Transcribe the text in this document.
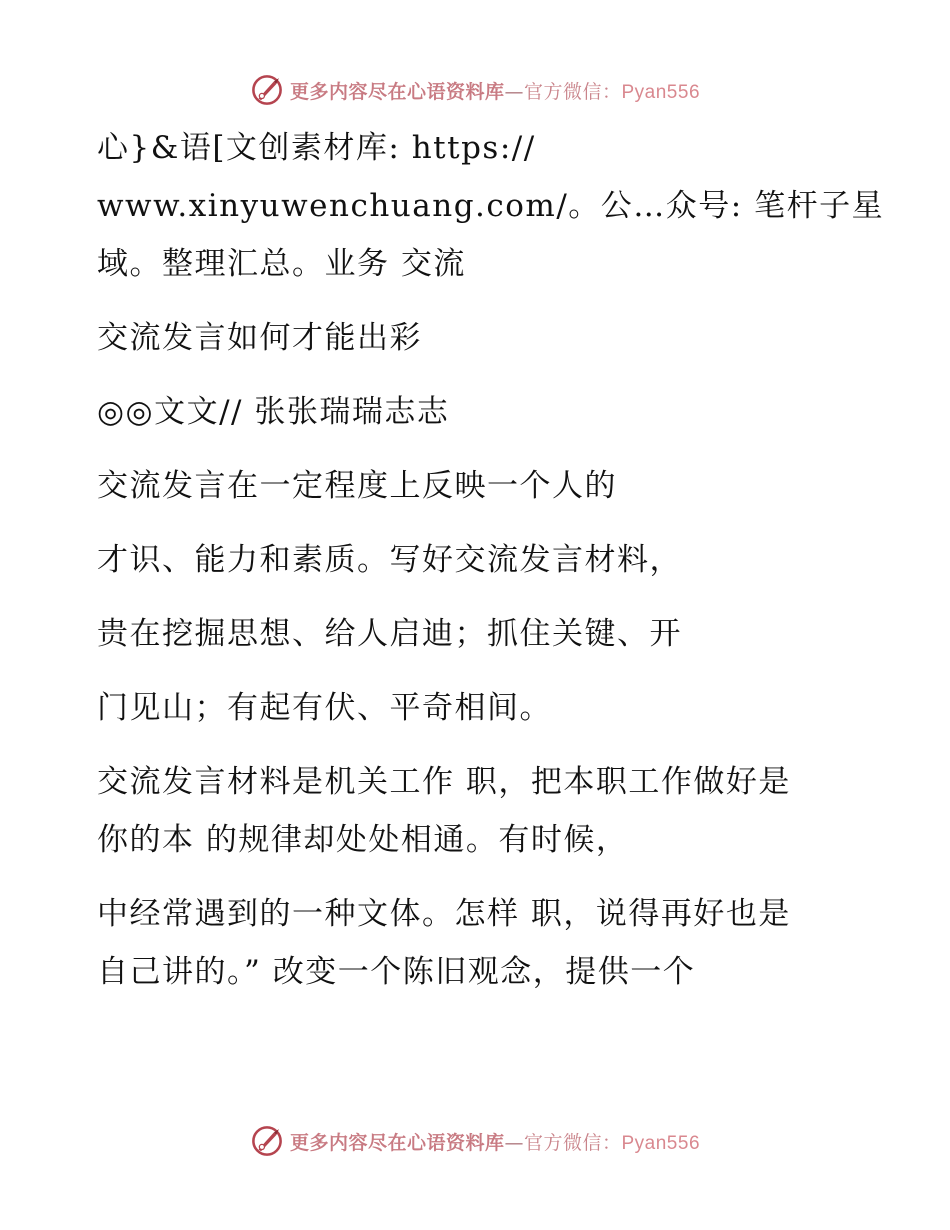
更多内容尽在心语资料库—官方微信：Pyan556
心}&语[文创素材库: https://
www.xinyuwenchuang.com/。公…众号: 笔杆子星
域。整理汇总。业务 交流
交流发言如何才能出彩
◎◎文文// 张张瑞瑞志志
交流发言在一定程度上反映一个人的
才识、能力和素质。写好交流发言材料，
贵在挖掘思想、给人启迪；抓住关键、开
门见山；有起有伏、平奇相间。
交流发言材料是机关工作 职，把本职工作做好是
你的本 的规律却处处相通。有时候，
中经常遇到的一种文体。怎样 职，说得再好也是
自己讲的。” 改变一个陈旧观念，提供一个
更多内容尽在心语资料库—官方微信：Pyan556
